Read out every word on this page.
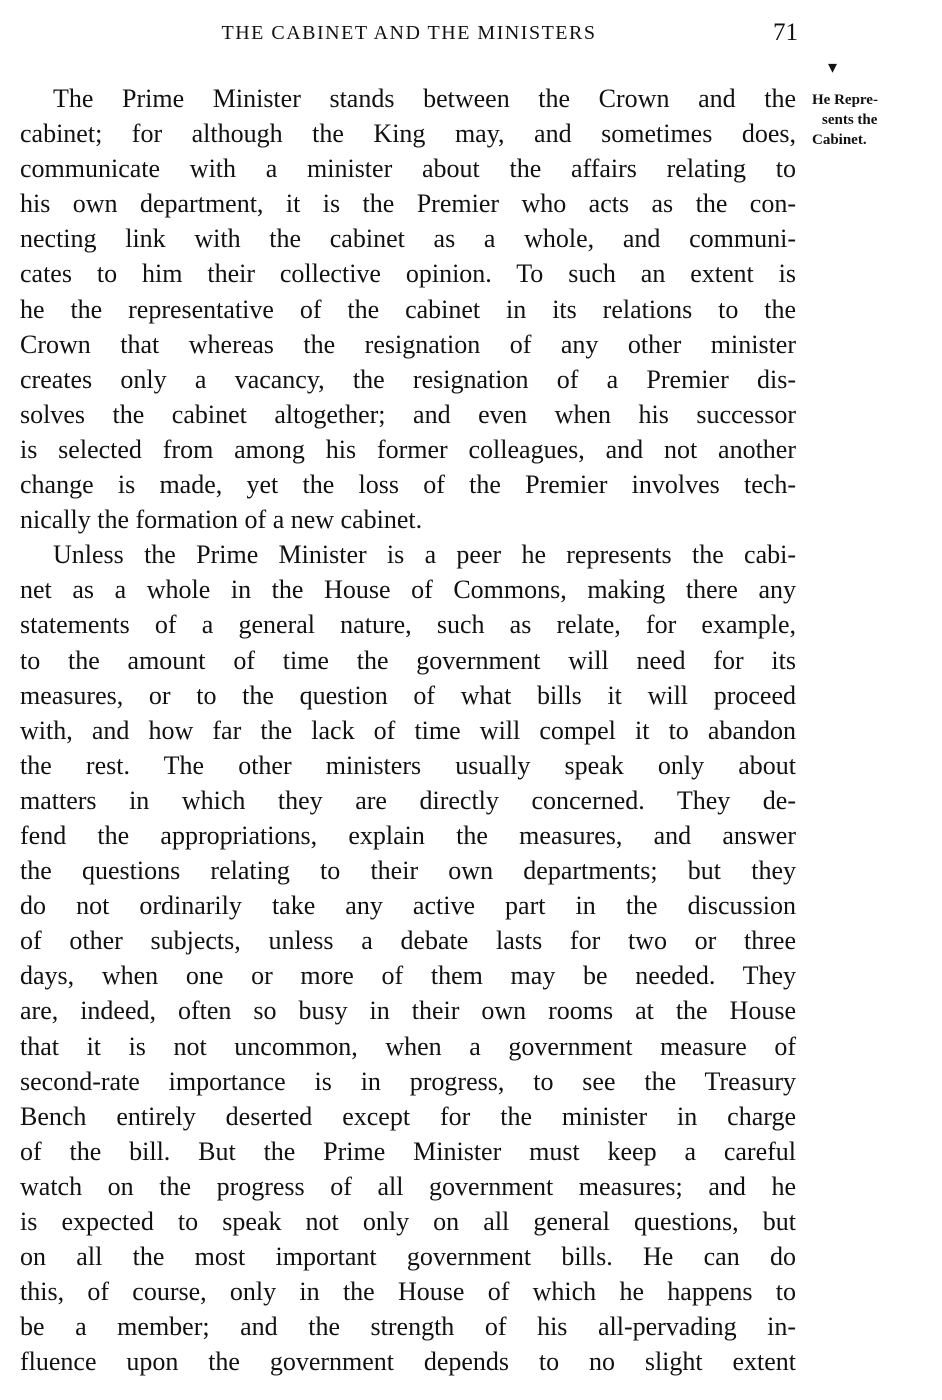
THE CABINET AND THE MINISTERS	71
▾
He Repre-
sents the
Cabinet.
The Prime Minister stands between the Crown and the
cabinet; for although the King may, and sometimes does,
communicate with a minister about the affairs relating to
his own department, it is the Premier who acts as the con-
necting link with the cabinet as a whole, and communi-
cates to him their collective opinion. To such an extent is
he the representative of the cabinet in its relations to the
Crown that whereas the resignation of any other minister
creates only a vacancy, the resignation of a Premier dis-
solves the cabinet altogether; and even when his successor
is selected from among his former colleagues, and not another
change is made, yet the loss of the Premier involves tech-
nically the formation of a new cabinet.
Unless the Prime Minister is a peer he represents the cabi-
net as a whole in the House of Commons, making there any
statements of a general nature, such as relate, for example,
to the amount of time the government will need for its
measures, or to the question of what bills it will proceed
with, and how far the lack of time will compel it to abandon
the rest. The other ministers usually speak only about
matters in which they are directly concerned. They de-
fend the appropriations, explain the measures, and answer
the questions relating to their own departments; but they
do not ordinarily take any active part in the discussion
of other subjects, unless a debate lasts for two or three
days, when one or more of them may be needed. They
are, indeed, often so busy in their own rooms at the House
that it is not uncommon, when a government measure of
second-rate importance is in progress, to see the Treasury
Bench entirely deserted except for the minister in charge
of the bill. But the Prime Minister must keep a careful
watch on the progress of all government measures; and he
is expected to speak not only on all general questions, but
on all the most important government bills. He can do
this, of course, only in the House of which he happens to
be a member; and the strength of his all-pervading in-
fluence upon the government depends to no slight extent
